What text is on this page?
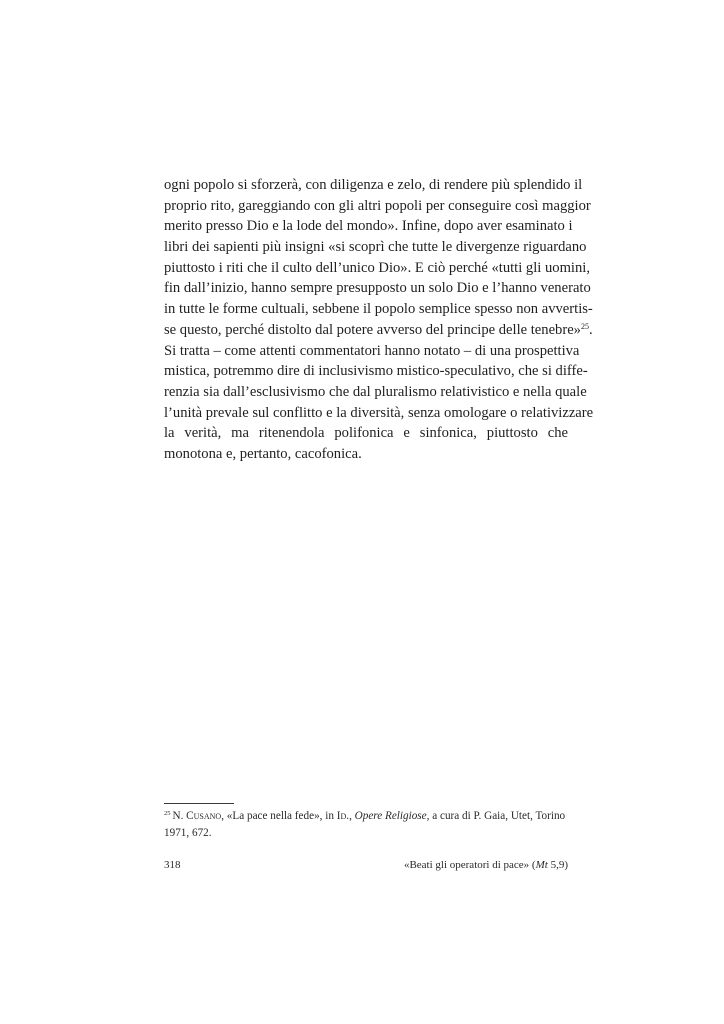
ogni popolo si sforzerà, con diligenza e zelo, di rendere più splendido il
proprio rito, gareggiando con gli altri popoli per conseguire così maggior
merito presso Dio e la lode del mondo». Infine, dopo aver esaminato i
libri dei sapienti più insigni «si scoprì che tutte le divergenze riguardano
piuttosto i riti che il culto dell’unico Dio». E ciò perché «tutti gli uomini,
fin dall’inizio, hanno sempre presupposto un solo Dio e l’hanno venerato
in tutte le forme cultuali, sebbene il popolo semplice spesso non avvertis-
se questo, perché distolto dal potere avverso del principe delle tenebre»$^{25}$.
Si tratta – come attenti commentatori hanno notato – di una prospettiva
mistica, potremmo dire di inclusivismo mistico-speculativo, che si diffe-
renzia sia dall’esclusivismo che dal pluralismo relativistico e nella quale
l’unità prevale sul conflitto e la diversità, senza omologare o relativizzare
la verità, ma ritenendola polifonica e sinfonica, piuttosto che
monotona e, pertanto, cacofonica.
$^{25}$ N. Cusano, «La pace nella fede», in Id., Opere Religiose, a cura di P. Gaia, Utet, Torino 1971, 672.
318	«Beati gli operatori di pace» (Mt 5,9)
